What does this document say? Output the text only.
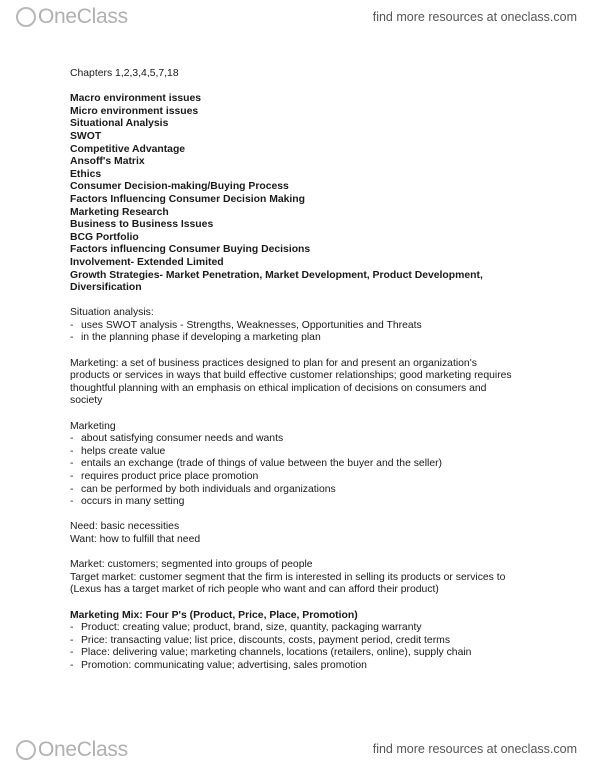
OneClass	find more resources at oneclass.com
Chapters 1,2,3,4,5,7,18
Macro environment issues
Micro environment issues
Situational Analysis
SWOT
Competitive Advantage
Ansoff's Matrix
Ethics
Consumer Decision-making/Buying Process
Factors Influencing Consumer Decision Making
Marketing Research
Business to Business Issues
BCG Portfolio
Factors influencing Consumer Buying Decisions
Involvement- Extended Limited
Growth Strategies- Market Penetration, Market Development, Product Development,
Diversification
Situation analysis:
- uses SWOT analysis - Strengths, Weaknesses, Opportunities and Threats
- in the planning phase if developing a marketing plan
Marketing: a set of business practices designed to plan for and present an organization's
products or services in ways that build effective customer relationships; good marketing requires
thoughtful planning with an emphasis on ethical implication of decisions on consumers and
society
Marketing
- about satisfying consumer needs and wants
- helps create value
- entails an exchange (trade of things of value between the buyer and the seller)
- requires product price place promotion
- can be performed by both individuals and organizations
- occurs in many setting
Need: basic necessities
Want: how to fulfill that need
Market: customers; segmented into groups of people
Target market: customer segment that the firm is interested in selling its products or services to
(Lexus has a target market of rich people who want and can afford their product)
Marketing Mix: Four P's (Product, Price, Place, Promotion)
- Product: creating value; product, brand, size, quantity, packaging warranty
- Price: transacting value; list price, discounts, costs, payment period, credit terms
- Place: delivering value; marketing channels, locations (retailers, online), supply chain
- Promotion: communicating value; advertising, sales promotion
OneClass	find more resources at oneclass.com
